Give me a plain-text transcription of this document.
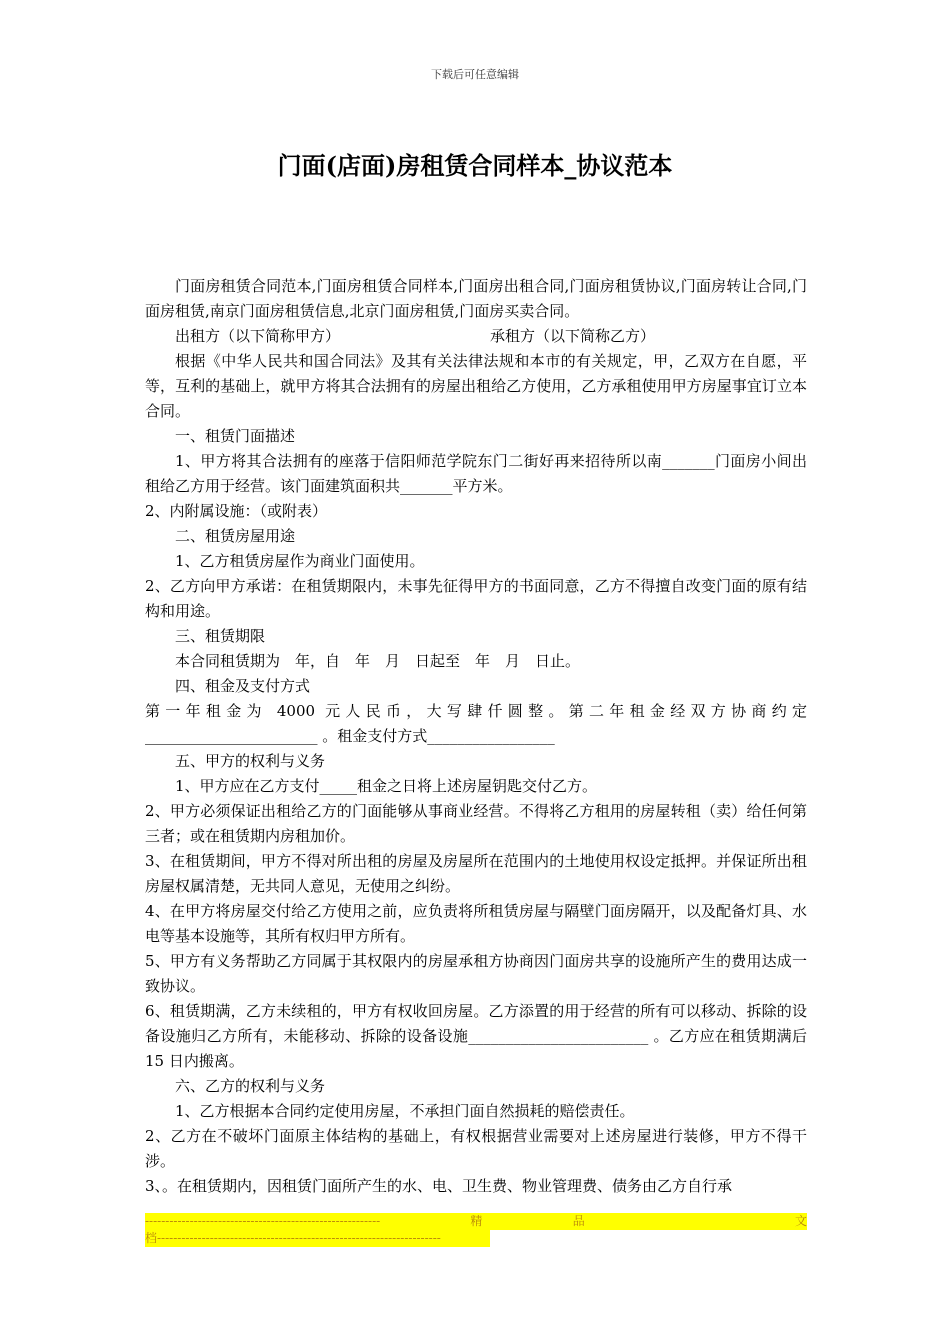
下载后可任意编辑
门面(店面)房租赁合同样本_协议范本

门面房租赁合同范本,门面房租赁合同样本,门面房出租合同,门面房租赁协议,门面房转让合同,门面房租赁,南京门面房租赁信息,北京门面房租赁,门面房买卖合同。

出租方（以下简称甲方）	承租方（以下简称乙方）

根据《中华人民共和国合同法》及其有关法律法规和本市的有关规定，甲，乙双方在自愿，平等，互利的基础上，就甲方将其合法拥有的房屋出租给乙方使用，乙方承租使用甲方房屋事宜订立本合同。

一、租赁门面描述

1、甲方将其合法拥有的座落于信阳师范学院东门二街好再来招待所以南_______门面房小间出租给乙方用于经营。该门面建筑面积共_______平方米。

2、内附属设施：（或附表）

二、租赁房屋用途

1、乙方租赁房屋作为商业门面使用。

2、乙方向甲方承诺：在租赁期限内，未事先征得甲方的书面同意，乙方不得擅自改变门面的原有结构和用途。

三、租赁期限

本合同租赁期为　年，自　年　月　日起至　年　月　日止。

四、租金及支付方式

第一年租金为 4000 元人民币，大写肆仟圆整。第二年租金经双方协商约定_______________________ 。租金支付方式_________________

五、甲方的权利与义务

1、甲方应在乙方支付_____租金之日将上述房屋钥匙交付乙方。

2、甲方必须保证出租给乙方的门面能够从事商业经营。不得将乙方租用的房屋转租（卖）给任何第三者；或在租赁期内房租加价。

3、在租赁期间，甲方不得对所出租的房屋及房屋所在范围内的土地使用权设定抵押。并保证所出租房屋权属清楚，无共同人意见，无使用之纠纷。

4、在甲方将房屋交付给乙方使用之前，应负责将所租赁房屋与隔壁门面房隔开，以及配备灯具、水电等基本设施等，其所有权归甲方所有。

5、甲方有义务帮助乙方同属于其权限内的房屋承租方协商因门面房共享的设施所产生的费用达成一致协议。

6、租赁期满，乙方未续租的，甲方有权收回房屋。乙方添置的用于经营的所有可以移动、拆除的设备设施归乙方所有，未能移动、拆除的设备设施________________________ 。乙方应在租赁期满后 15 日内搬离。

六、乙方的权利与义务

1、乙方根据本合同约定使用房屋，不承担门面自然损耗的赔偿责任。

2、乙方在不破坏门面原主体结构的基础上，有权根据营业需要对上述房屋进行装修，甲方不得干涉。

3、。在租赁期内，因租赁门面所产生的水、电、卫生费、物业管理费、债务由乙方自行承

----------------------------------------------------------	精	品	文
档----------------------------------------------------------------------
